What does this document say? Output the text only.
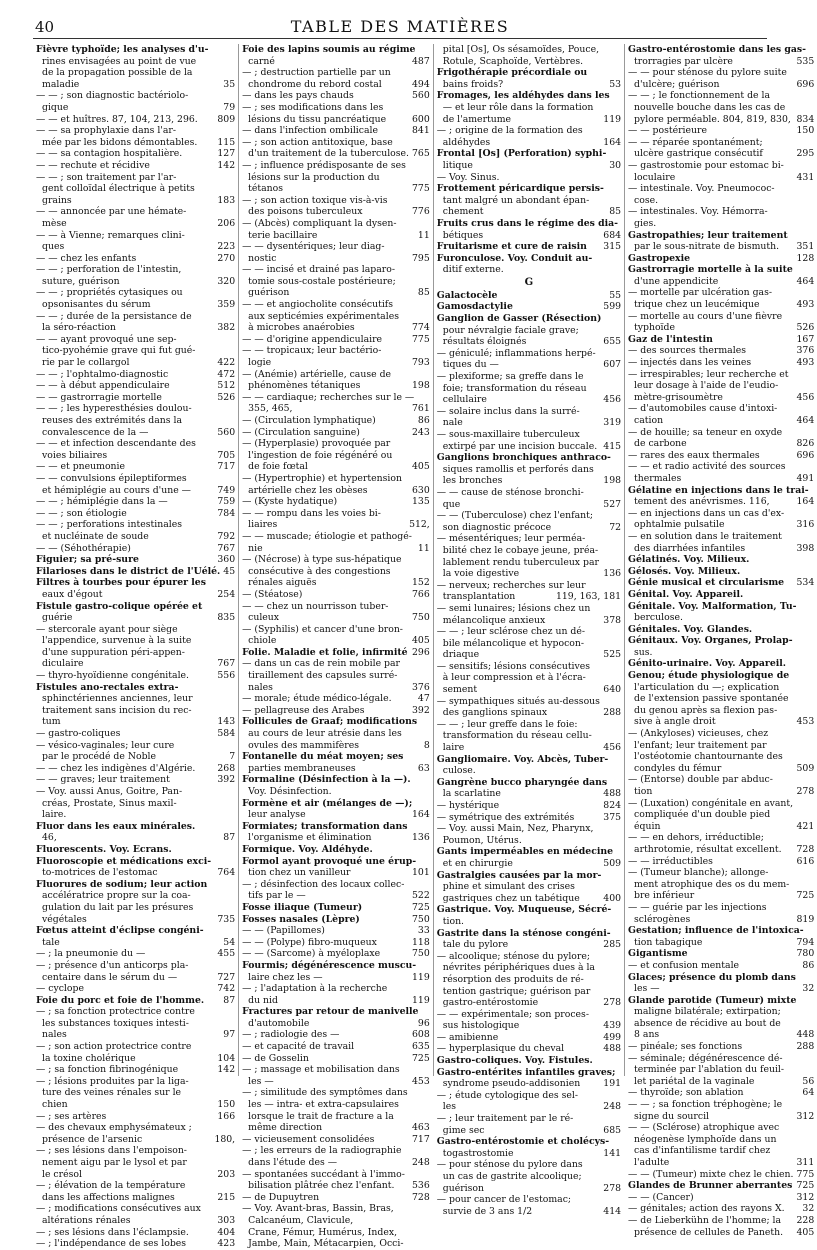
40	TABLE DES MATIÈRES
Fièvre typhoïde; les analyses d'u-
rines envisagées au point de vue
de la propagation possible de la
maladie	35
— — ; son diagnostic bactériolo-
gique	79
— — et huîtres. 87, 104, 213, 296.	809
— — sa prophylaxie dans l'ar-
mée par les bidons démontables.	115
— — sa contagion hospitalière.	127
— — rechute et récidive	142
— — ; son traitement par l'ar-
gent colloïdal électrique à petits
grains	183
— — annoncée par une hémate-
mèse	206
— — à Vienne; remarques clini-
ques	223
— — chez les enfants	270
— — ; perforation de l'intestin,
suture, guérison	320
— — ; propriétés cytasiques ou
opsonisantes du sérum	359
— — ; durée de la persistance de
la séro-réaction	382
— — ayant provoqué une sep-
tico-pyohémie grave qui fut gué-
rie par le collargol	422
— — ; l'ophtalmo-diagnostic	472
— — à début appendiculaire	512
— — gastrorragie mortelle	526
— — ; les hyperesthésies doulou-
reuses des extrémités dans la
convalescence de la —	560
— — et infection descendante des
voies biliaires	705
— — et pneumonie	717
— — convulsions épileptiformes
et hémiplégie au cours d'une —	749
— — ; hémiplégie dans la —	759
— — ; son étiologie	784
— — ; perforations intestinales
et nucléinate de soude	792
— — (Séhothérapie)	767
Figuier; sa pré-sure	360
Filarioses dans le district de l'Uélé. 45
Filtres à tourbes pour épurer les
eaux d'égout	254
Fistule gastro-colique opérée et
guérie	835
— stercorale ayant pour siège
l'appendice, survenue à la suite
d'une suppuration péri-appen-
diculaire	767
— thyro-hyoïdienne congénitale.	556
Fistules ano-rectales extra-
sphinctériennes anciennes, leur
traitement sans incision du rec-
tum	143
— gastro-coliques	584
— vésico-vaginales; leur cure
par le procédé de Noble	7
— — chez les indigènes d'Algérie.	268
— — graves; leur traitement	392
— Voy. aussi Anus, Goitre, Pan-
créas, Prostate, Sinus maxil-
laire.
Fluor dans les eaux minérales.
46,	87
Fluorescents. Voy. Ecrans.
Fluoroscopie et médications exci-
to-motrices de l'estomac	764
Fluorures de sodium; leur action
accélératrice propre sur la coa-
gulation du lait par les présures
végétales	735
Fœtus atteint d'éclipse congéni-
tale	54
— ; la pneumonie du —	455
— ; présence d'un anticorps pla-
centaire dans le sérum du —	727
— cyclope	742
Foie du porc et foie de l'homme.	87
— ; sa fonction protectrice contre
les substances toxiques intesti-
nales	97
— ; son action protectrice contre
la toxine cholérique	104
— ; sa fonction fibrinogénique	142
— ; lésions produites par la liga-
ture des veines rénales sur le
chien	150
— ; ses artères	166
— des chevaux emphysémateux ;
présence de l'arsenic	180,
— ; ses lésions dans l'empoison-
nement aigu par le lysol et par
le crésol	203
— ; élévation de la température
dans les affections malignes	215
— ; modifications consécutives aux
altérations rénales	303
— ; ses lésions dans l'éclampsie.	404
— ; l'indépendance de ses lobes	423
Foie des lapins soumis au régime
carné	487
— ; destruction partielle par un
chondrome du rebord costal	494
— dans les pays chauds	560
— ; ses modifications dans les
lésions du tissu pancréatique	600
— dans l'infection ombilicale	841
— ; son action antitoxique, base
d'un traitement de la tuberculose. 765
— ; influence prédisposante de ses
lésions sur la production du
tétanos	775
— ; son action toxique vis-à-vis
des poisons tuberculeux	776
— (Abcès) compliquant la dysen-
terie bacillaire	11
— — dysentériques; leur diag-
nostic	795
— — incisé et drainé pas laparo-
tomie sous-costale postérieure;
guérison	85
— — et angiocholite consécutifs
aux septicémies expérimentales
à microbes anaérobies	774
— — d'origine appendiculaire	775
— — tropicaux; leur bactério-
logie	793
— (Anémie) artérielle, cause de
phénomènes tétaniques	198
— — cardiaque; recherches sur le —
355, 465,	761
— (Circulation lymphatique)	86
— (Circulation sanguine)	243
— (Hyperplasie) provoquée par
l'ingestion de foie régénéré ou
de foie fœtal	405
— (Hypertrophie) et hypertension
artérielle chez les obèses	630
— (Kyste hydatique)	135
— — rompu dans les voies bi-
liaires	512,
— — muscade; étiologie et pathogé-
nie	11
— (Nécrose) à type sus-hépatique
consécutive à des congestions
rénales aiguës	152
— (Stéatose)	766
— — chez un nourrisson tuber-
culeux	750
— (Syphilis) et cancer d'une bron-
chiole	405
Folie. Maladie et folie, infirmité 296
— dans un cas de rein mobile par
tiraillement des capsules surré-
nales	376
— morale; étude médico-légale.	47
— pellagreuse des Arabes	392
Follicules de Graaf; modifications
au cours de leur atrésie dans les
ovules des mammifères	8
Fontanelle du méat moyen; ses
parties membraneuses	63
Formaline (Désinfection à la —).
Voy. Désinfection.
Formène et air (mélanges de —);
leur analyse	164
Formiates; transformation dans
l'organisme et élimination	136
Formique. Voy. Aldéhyde.
Formol ayant provoqué une érup-
tion chez un vanilleur	101
— ; désinfection des locaux collec-
tifs par le —	522
Fosse iliaque (Tumeur)	725
Fosses nasales (Lèpre)	750
— — (Papillomes)	33
— — (Polype) fibro-muqueux	118
— — (Sarcome) à myéloplaxe	750
Fourmis; dégénérescence muscu-
laire chez les —	119
— ; l'adaptation à la recherche
du nid	119
Fractures par retour de manivelle
d'automobile	96
— ; radiologie des —	608
— et capacité de travail	635
— de Gosselin	725
— ; massage et mobilisation dans
les —	453
— ; similitude des symptômes dans
les — intra- et extra-capsulaires
lorsque le trait de fracture a la
même direction	463
— vicieusement consolidées	717
— ; les erreurs de la radiographie
dans l'étude des —	248
— spontanées succédant à l'immo-
bilisation plâtrée chez l'enfant.	536
— de Dupuytren	728
— Voy. Avant-bras, Bassin, Bras,
Calcanéum, Clavicule,
Crane, Fémur, Humérus, Index,
Jambe, Main, Métacarpien, Occi-
pital [Os], Os sésamoïdes, Pouce,
Rotule, Scaphoïde, Vertèbres.
Frigothérapie précordiale ou
bains froids?	53
Fromages, les aldéhydes dans les
— et leur rôle dans la formation
de l'amertume	119
— ; origine de la formation des
aldéhydes	164
Frontal [Os] (Perforation) syphi-
litique	30
— Voy. Sinus.
Frottement péricardique persis-
tant malgré un abondant épan-
chement	85
Fruits crus dans le régime des dia-
bétiques	684
Fruitarisme et cure de raisin	315
Furonculose. Voy. Conduit au-
ditif externe.
G
Galactocèle	55
Gamosdactylie	599
Ganglion de Gasser (Résection)
pour névralgie faciale grave;
résultats éloignés	655
— géniculé; inflammations herpé-
tiques du —	607
— plexiforme; sa greffe dans le
foie; transformation du réseau
cellulaire	456
— solaire inclus dans la surré-
nale	319
— sous-maxillaire tuberculeux
extirpé par une incision buccale. 415
Ganglions bronchiques anthraco-
siques ramollis et perforés dans
les bronches	198
— — cause de sténose bronchi-
que	527
— — (Tuberculose) chez l'enfant;
son diagnostic précoce	72
— mésentériques; leur perméa-
bilité chez le cobaye jeune, préa-
lablement rendu tuberculeux par
la voie digestive	136
— nerveux; recherches sur leur
transplantation	119, 163, 181
— semi lunaires; lésions chez un
mélancolique anxieux	378
— — ; leur sclérose chez un dé-
bile mélancolique et hypocon-
driaque	525
— sensitifs; lésions consécutives
à leur compression et à l'écra-
sement	640
— sympathiques situés au-dessous
des ganglions spinaux	288
— — ; leur greffe dans le foie:
transformation du réseau cellu-
laire	456
Gangliomaire. Voy. Abcès, Tuber-
culose.
Gangrène bucco pharyngée dans
la scarlatine	488
— hystérique	824
— symétrique des extrémités	375
— Voy. aussi Main, Nez, Pharynx,
Poumon, Utérus.
Gants imperméables en médecine
et en chirurgie	509
Gastralgies causées par la mor-
phine et simulant des crises
gastriques chez un tabétique	400
Gastrique. Voy. Muqueuse, Sécré-
tion.
Gastrite dans la sténose congéni-
tale du pylore	285
— alcoolique; sténose du pylore;
névrites périphériques dues à la
résorption des produits de ré-
tention gastrique; guérison par
gastro-entérostomie	278
— — expérimentale; son proces-
sus histologique	439
— amibienne	499
— hyperplasique du cheval	488
Gastro-coliques. Voy. Fistules.
Gastro-entérites infantiles graves;
syndrome pseudo-addisonien	191
— ; étude cytologique des sel-
les	248
— ; leur traitement par le ré-
gime sec	685
Gastro-entérostomie et cholécys-
togastrostomie	141
— pour sténose du pylore dans
un cas de gastrite alcoolique;
guérison	278
— pour cancer de l'estomac;
survie de 3 ans 1/2	414
Gastro-entérostomie dans les gas-
trorragies par ulcère	535
— — pour sténose du pylore suite
d'ulcère; guérison	696
— — ; le fonctionnement de la
nouvelle bouche dans les cas de
pylore perméable. 804, 819, 830, 834
— — postérieure	150
— — réparée spontanément;
ulcère gastrique consécutif	295
— gastrostomie pour estomac bi-
loculaire	431
— intestinale. Voy. Pneumococ-
cose.
— intestinales. Voy. Hémorra-
gies.
Gastropathies; leur traitement
par le sous-nitrate de bismuth.	351
Gastropexie	128
Gastrorragie mortelle à la suite
d'une appendicite	464
— mortelle par ulcération gas-
trique chez un leucémique	493
— mortelle au cours d'une fièvre
typhoïde	526
Gaz de l'intestin	167
— des sources thermales	376
— injectés dans les veines	493
— irrespirables; leur recherche et
leur dosage à l'aide de l'eudio-
mètre-grisoumètre	456
— d'automobiles cause d'intoxi-
cation	464
— de houille; sa teneur en oxyde
de carbone	826
— rares des eaux thermales	696
— — et radio activité des sources
thermales	491
Gélatine en injections dans le trai-
tement des anévrismes. 116,	164
— en injections dans un cas d'ex-
ophtalmie pulsatile	316
— en solution dans le traitement
des diarrhées infantiles	398
Gélatinés. Voy. Milieux.
Gélosés. Voy. Milieux.
Génie musical et circularisme	534
Génital. Voy. Appareil.
Génitale. Voy. Malformation, Tu-
berculose.
Génitales. Voy. Glandes.
Génitaux. Voy. Organes, Prolap-
sus.
Génito-urinaire. Voy. Appareil.
Genou; étude physiologique de
l'articulation du —; explication
de l'extension passive spontanée
du genou après sa flexion pas-
sive à angle droit	453
— (Ankyloses) vicieuses, chez
l'enfant; leur traitement par
l'ostéotomie chantournante des
condyles du fémur	509
— (Entorse) double par abduc-
tion	278
— (Luxation) congénitale en avant,
compliquée d'un double pied
équin	421
— — en dehors, irréductible;
arthrotomie, résultat excellent.	728
— — irréductibles	616
— (Tumeur blanche); allonge-
ment atrophique des os du mem-
bre inférieur	725
— — guérie par les injections
sclérogènes	819
Gestation; influence de l'intoxica-
tion tabagique	794
Gigantisme	780
— et confusion mentale	86
Glaces; présence du plomb dans
les —	32
Glande parotide (Tumeur) mixte
maligne bilatérale; extirpation;
absence de récidive au bout de
8 ans	448
— pinéale; ses fonctions	288
— séminale; dégénérescence dé-
terminée par l'ablation du feuil-
let pariétal de la vaginale	56
— thyroïde; son ablation	64
— — ; sa fonction tréphogène; le
signe du sourcil	312
— — (Sclérose) atrophique avec
néogenèse lymphoïde dans un
cas d'infantilisme tardif chez
l'adulte	311
— — (Tumeur) mixte chez le chien. 775
Glandes de Brunner aberrantes 725
— — (Cancer)	312
— génitales; action des rayons X.	32
— de Lieberkühn de l'homme; la	228
présence de cellules de Paneth.	405
